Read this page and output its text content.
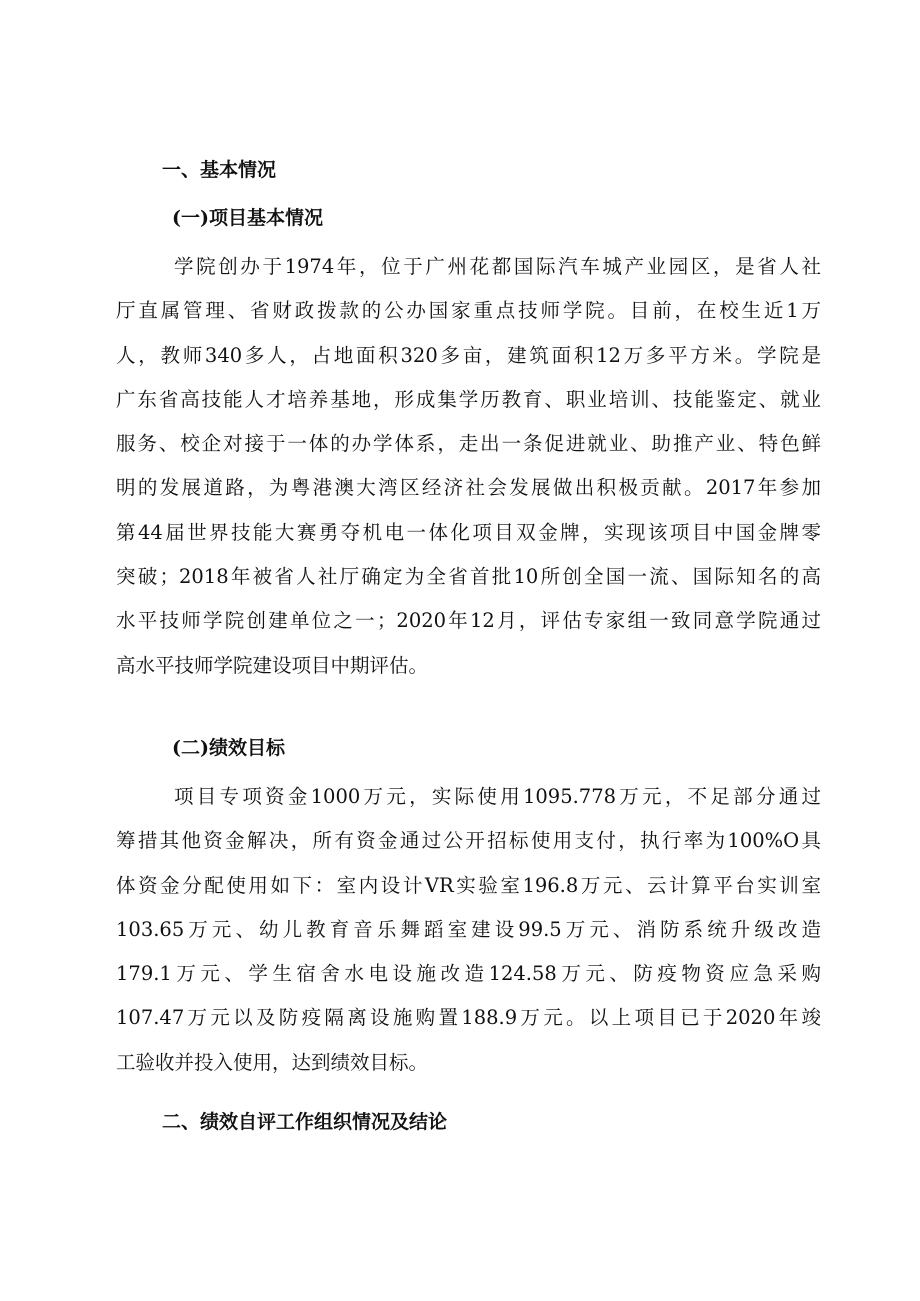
一、基本情况
(一)项目基本情况
学院创办于1974年，位于广州花都国际汽车城产业园区，是省人社
厅直属管理、省财政拨款的公办国家重点技师学院。目前，在校生近1万
人，教师340多人，占地面积320多亩，建筑面积12万多平方米。学院是
广东省高技能人才培养基地，形成集学历教育、职业培训、技能鉴定、就业
服务、校企对接于一体的办学体系，走出一条促进就业、助推产业、特色鲜
明的发展道路，为粤港澳大湾区经济社会发展做出积极贡献。2017年参加
第44届世界技能大赛勇夺机电一体化项目双金牌，实现该项目中国金牌零
突破；2018年被省人社厅确定为全省首批10所创全国一流、国际知名的高
水平技师学院创建单位之一；2020年12月，评估专家组一致同意学院通过
高水平技师学院建设项目中期评估。
(二)绩效目标
项目专项资金1000万元，实际使用1095.778万元，不足部分通过
筹措其他资金解决，所有资金通过公开招标使用支付，执行率为100%O具
体资金分配使用如下：室内设计VR实验室196.8万元、云计算平台实训室
103.65万元、幼儿教育音乐舞蹈室建设99.5万元、消防系统升级改造
179.1万元、学生宿舍水电设施改造124.58万元、防疫物资应急采购
107.47万元以及防疫隔离设施购置188.9万元。以上项目已于2020年竣
工验收并投入使用，达到绩效目标。
二、绩效自评工作组织情况及结论
